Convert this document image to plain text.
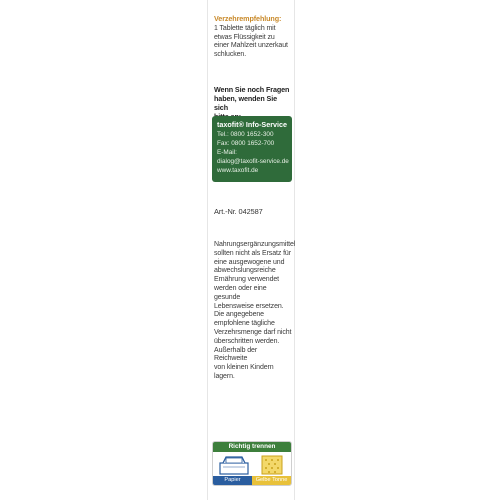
Verzehrempfehlung:
1 Tablette täglich mit
etwas Flüssigkeit zu
einer Mahlzeit unzerkaut
schlucken.
Wenn Sie noch Fragen
haben, wenden Sie sich

taxofit® Info-Service
Tel.: 0800 1652-300
Fax: 0800 1652-700
E-Mail:
dialog@taxofit-service.de
www.taxofit.de
Art.-Nr. 042587
Nahrungsergänzungsmittel
sollten nicht als Ersatz für
eine ausgewogene und
abwechslungsreiche
Ernährung verwendet
werden oder eine gesunde
Lebensweise ersetzen.
Die angegebene
empfohlene tägliche
Verzehrsmenge darf nicht
überschritten werden.
Außerhalb der Reichweite
von kleinen Kindern lagern.
Richtig trennen
Papier	Gelbe Tonne
